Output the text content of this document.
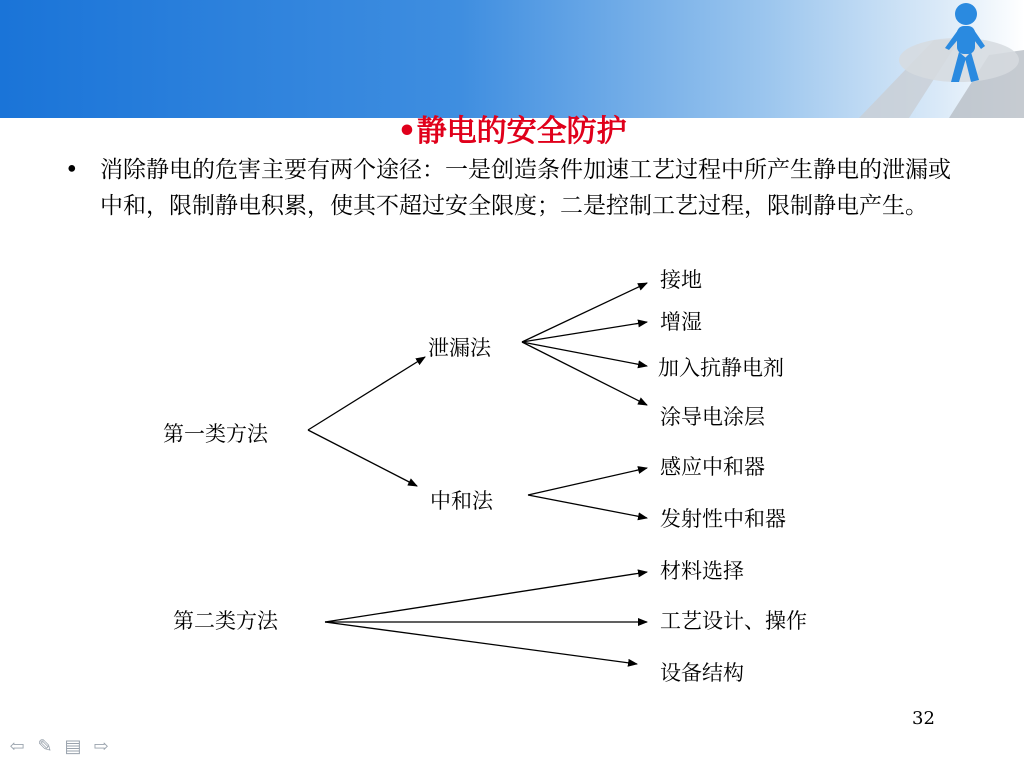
•静电的安全防护
• 消除静电的危害主要有两个途径：一是创造条件加速工艺过程中所产生静电的泄漏或中和，限制静电积累，使其不超过安全限度；二是控制工艺过程，限制静电产生。
第一类方法
泄漏法
中和法
接地
增湿
加入抗静电剂
涂导电涂层
感应中和器
发射性中和器
第二类方法
材料选择
工艺设计、操作
设备结构
32
⇦ ✎ ▤ ⇨
